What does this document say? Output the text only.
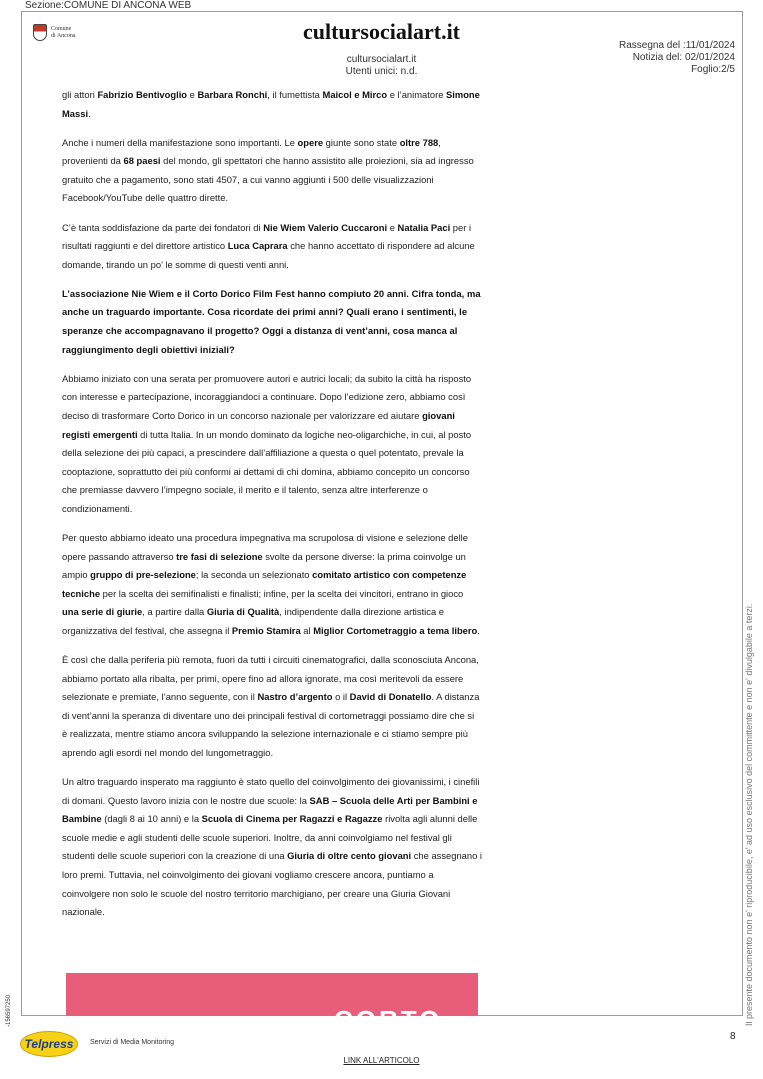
Sezione:COMUNE DI ANCONA WEB
Comune
di Ancona	cultursocialart.it
cultursocialart.it
Utenti unici: n.d.
Rassegna del :11/01/2024
Notizia del: 02/01/2024
Foglio:2/5

gli attori Fabrizio Bentivoglio e Barbara Ronchi, il fumettista Maicol e Mirco e l’animatore Simone Massi.

Anche i numeri della manifestazione sono importanti. Le opere giunte sono state oltre 788, provenienti da 68 paesi del mondo, gli spettatori che hanno assistito alle proiezioni, sia ad ingresso gratuito che a pagamento, sono stati 4507, a cui vanno aggiunti i 500 delle visualizzazioni Facebook/YouTube delle quattro dirette.

C’è tanta soddisfazione da parte dei fondatori di Nie Wiem Valerio Cuccaroni e Natalia Paci per i risultati raggiunti e del direttore artistico Luca Caprara che hanno accettato di rispondere ad alcune domande, tirando un po’ le somme di questi venti anni.

L’associazione Nie Wiem e il Corto Dorico Film Fest hanno compiuto 20 anni. Cifra tonda, ma anche un traguardo importante. Cosa ricordate dei primi anni? Quali erano i sentimenti, le speranze che accompagnavano il progetto? Oggi a distanza di vent’anni, cosa manca al raggiungimento degli obiettivi iniziali?

Abbiamo iniziato con una serata per promuovere autori e autrici locali; da subito la città ha risposto con interesse e partecipazione, incoraggiandoci a continuare. Dopo l’edizione zero, abbiamo così deciso di trasformare Corto Dorico in un concorso nazionale per valorizzare ed aiutare giovani registi emergenti di tutta Italia. In un mondo dominato da logiche neo-oligarchiche, in cui, al posto della selezione dei più capaci, a prescindere dall’affiliazione a questa o quel potentato, prevale la cooptazione, soprattutto dei più conformi ai dettami di chi domina, abbiamo concepito un concorso che premiasse davvero l’impegno sociale, il merito e il talento, senza altre interferenze o condizionamenti.

Per questo abbiamo ideato una procedura impegnativa ma scrupolosa di visione e selezione delle opere passando attraverso tre fasi di selezione svolte da persone diverse: la prima coinvolge un ampio gruppo di pre-selezione; la seconda un selezionato comitato artistico con competenze tecniche per la scelta dei semifinalisti e finalisti; infine, per la scelta dei vincitori, entrano in gioco una serie di giurie, a partire dalla Giuria di Qualità, indipendente dalla direzione artistica e organizzativa del festival, che assegna il Premio Stamira al Miglior Cortometraggio a tema libero.

È così che dalla periferia più remota, fuori da tutti i circuiti cinematografici, dalla sconosciuta Ancona, abbiamo portato alla ribalta, per primi, opere fino ad allora ignorate, ma così meritevoli da essere selezionate e premiate, l’anno seguente, con il Nastro d’argento o il David di Donatello. A distanza di vent’anni la speranza di diventare uno dei principali festival di cortometraggi possiamo dire che si è realizzata, mentre stiamo ancora sviluppando la selezione internazionale e ci stiamo sempre più aprendo agli esordi nel mondo del lungometraggio.

Un altro traguardo insperato ma raggiunto è stato quello del coinvolgimento dei giovanissimi, i cinefili di domani. Questo lavoro inizia con le nostre due scuole: la SAB – Scuola delle Arti per Bambini e Bambine (dagli 8 ai 10 anni) e la Scuola di Cinema per Ragazzi e Ragazze rivolta agli alunni delle scuole medie e agli studenti delle scuole superiori. Inoltre, da anni coinvolgiamo nel festival gli studenti delle scuole superiori con la creazione di una Giuria di oltre cento giovani che assegnano i loro premi. Tuttavia, nel coinvolgimento dei giovani vogliamo crescere ancora, puntiamo a coinvolgere non solo le scuole del nostro territorio marchigiano, per creare una Giuria Giovani nazionale.

CORTO	Il presente documento non e' riproducibile, e' ad uso esclusivo del committente e non e' divulgabile a terzi.
-156597250
8
Telpress Servizi di Media Monitoring
LINK ALL'ARTICOLO
